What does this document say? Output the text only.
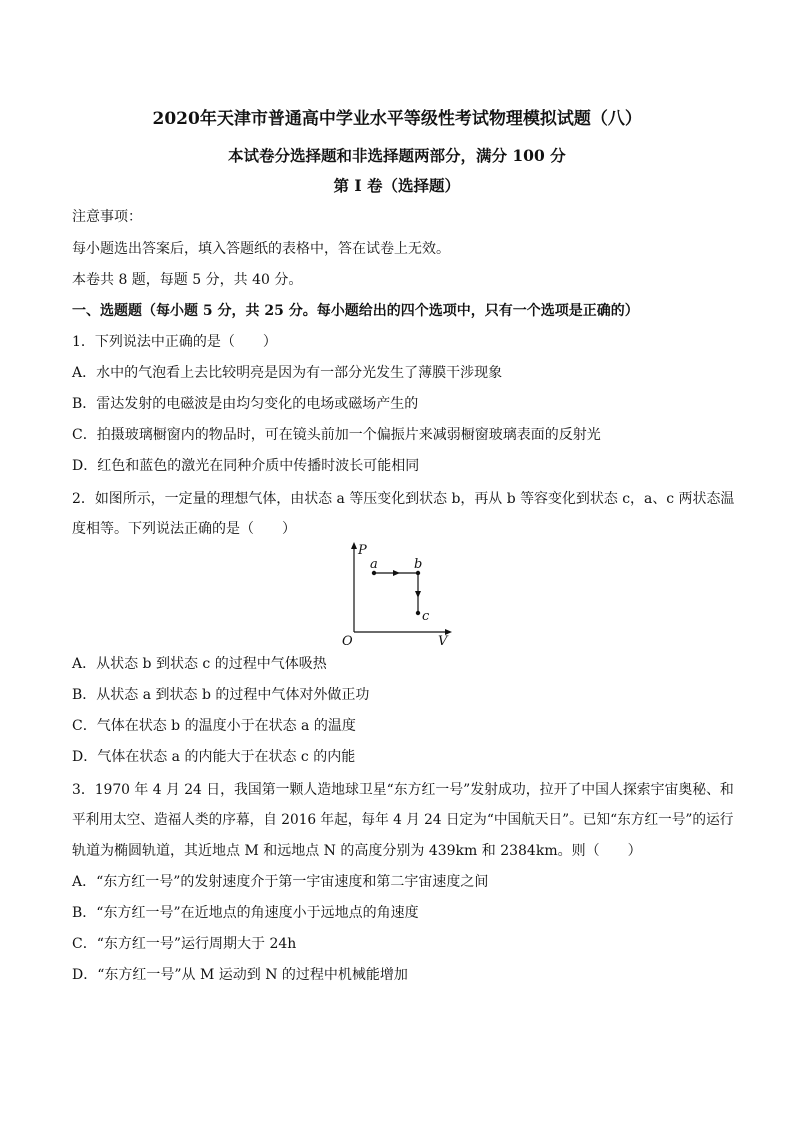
2020年天津市普通高中学业水平等级性考试物理模拟试题（八）
本试卷分选择题和非选择题两部分，满分 100 分
第 I 卷（选择题）
注意事项：
每小题选出答案后，填入答题纸的表格中，答在试卷上无效。
本卷共 8 题，每题 5 分，共 40 分。
一、选题题（每小题 5 分，共 25 分。每小题给出的四个选项中，只有一个选项是正确的）
1．下列说法中正确的是（　　）
A．水中的气泡看上去比较明亮是因为有一部分光发生了薄膜干涉现象
B．雷达发射的电磁波是由均匀变化的电场或磁场产生的
C．拍摄玻璃橱窗内的物品时，可在镜头前加一个偏振片来减弱橱窗玻璃表面的反射光
D．红色和蓝色的激光在同种介质中传播时波长可能相同
2．如图所示，一定量的理想气体，由状态 a 等压变化到状态 b，再从 b 等容变化到状态 c，a、c 两状态温
度相等。下列说法正确的是（　　）
P
V
O
a	b
c
A．从状态 b 到状态 c 的过程中气体吸热
B．从状态 a 到状态 b 的过程中气体对外做正功
C．气体在状态 b 的温度小于在状态 a 的温度
D．气体在状态 a 的内能大于在状态 c 的内能
3．1970 年 4 月 24 日，我国第一颗人造地球卫星“东方红一号”发射成功，拉开了中国人探索宇宙奥秘、和
平利用太空、造福人类的序幕，自 2016 年起，每年 4 月 24 日定为“中国航天日”。已知“东方红一号”的运行
轨道为椭圆轨道，其近地点 M 和远地点 N 的高度分别为 439km 和 2384km。则（　　）
A．“东方红一号”的发射速度介于第一宇宙速度和第二宇宙速度之间
B．“东方红一号”在近地点的角速度小于远地点的角速度
C．“东方红一号”运行周期大于 24h
D．“东方红一号”从 M 运动到 N 的过程中机械能增加
